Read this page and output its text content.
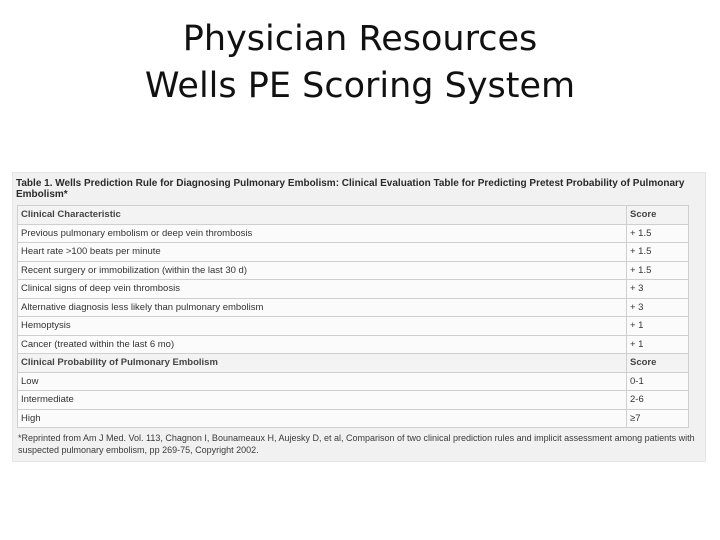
Physician Resources
Wells PE Scoring System
Table 1. Wells Prediction Rule for Diagnosing Pulmonary Embolism: Clinical Evaluation Table for Predicting Pretest Probability of Pulmonary Embolism*
Clinical Characteristic	Score
Previous pulmonary embolism or deep vein thrombosis	+ 1.5
Heart rate >100 beats per minute	+ 1.5
Recent surgery or immobilization (within the last 30 d)	+ 1.5
Clinical signs of deep vein thrombosis	+ 3
Alternative diagnosis less likely than pulmonary embolism	+ 3
Hemoptysis	+ 1
Cancer (treated within the last 6 mo)	+ 1
Clinical Probability of Pulmonary Embolism	Score
Low	0-1
Intermediate	2-6
High	≥7
*Reprinted from Am J Med. Vol. 113, Chagnon I, Bounameaux H, Aujesky D, et al, Comparison of two clinical prediction rules and implicit assessment among patients with suspected pulmonary embolism, pp 269-75, Copyright 2002.
